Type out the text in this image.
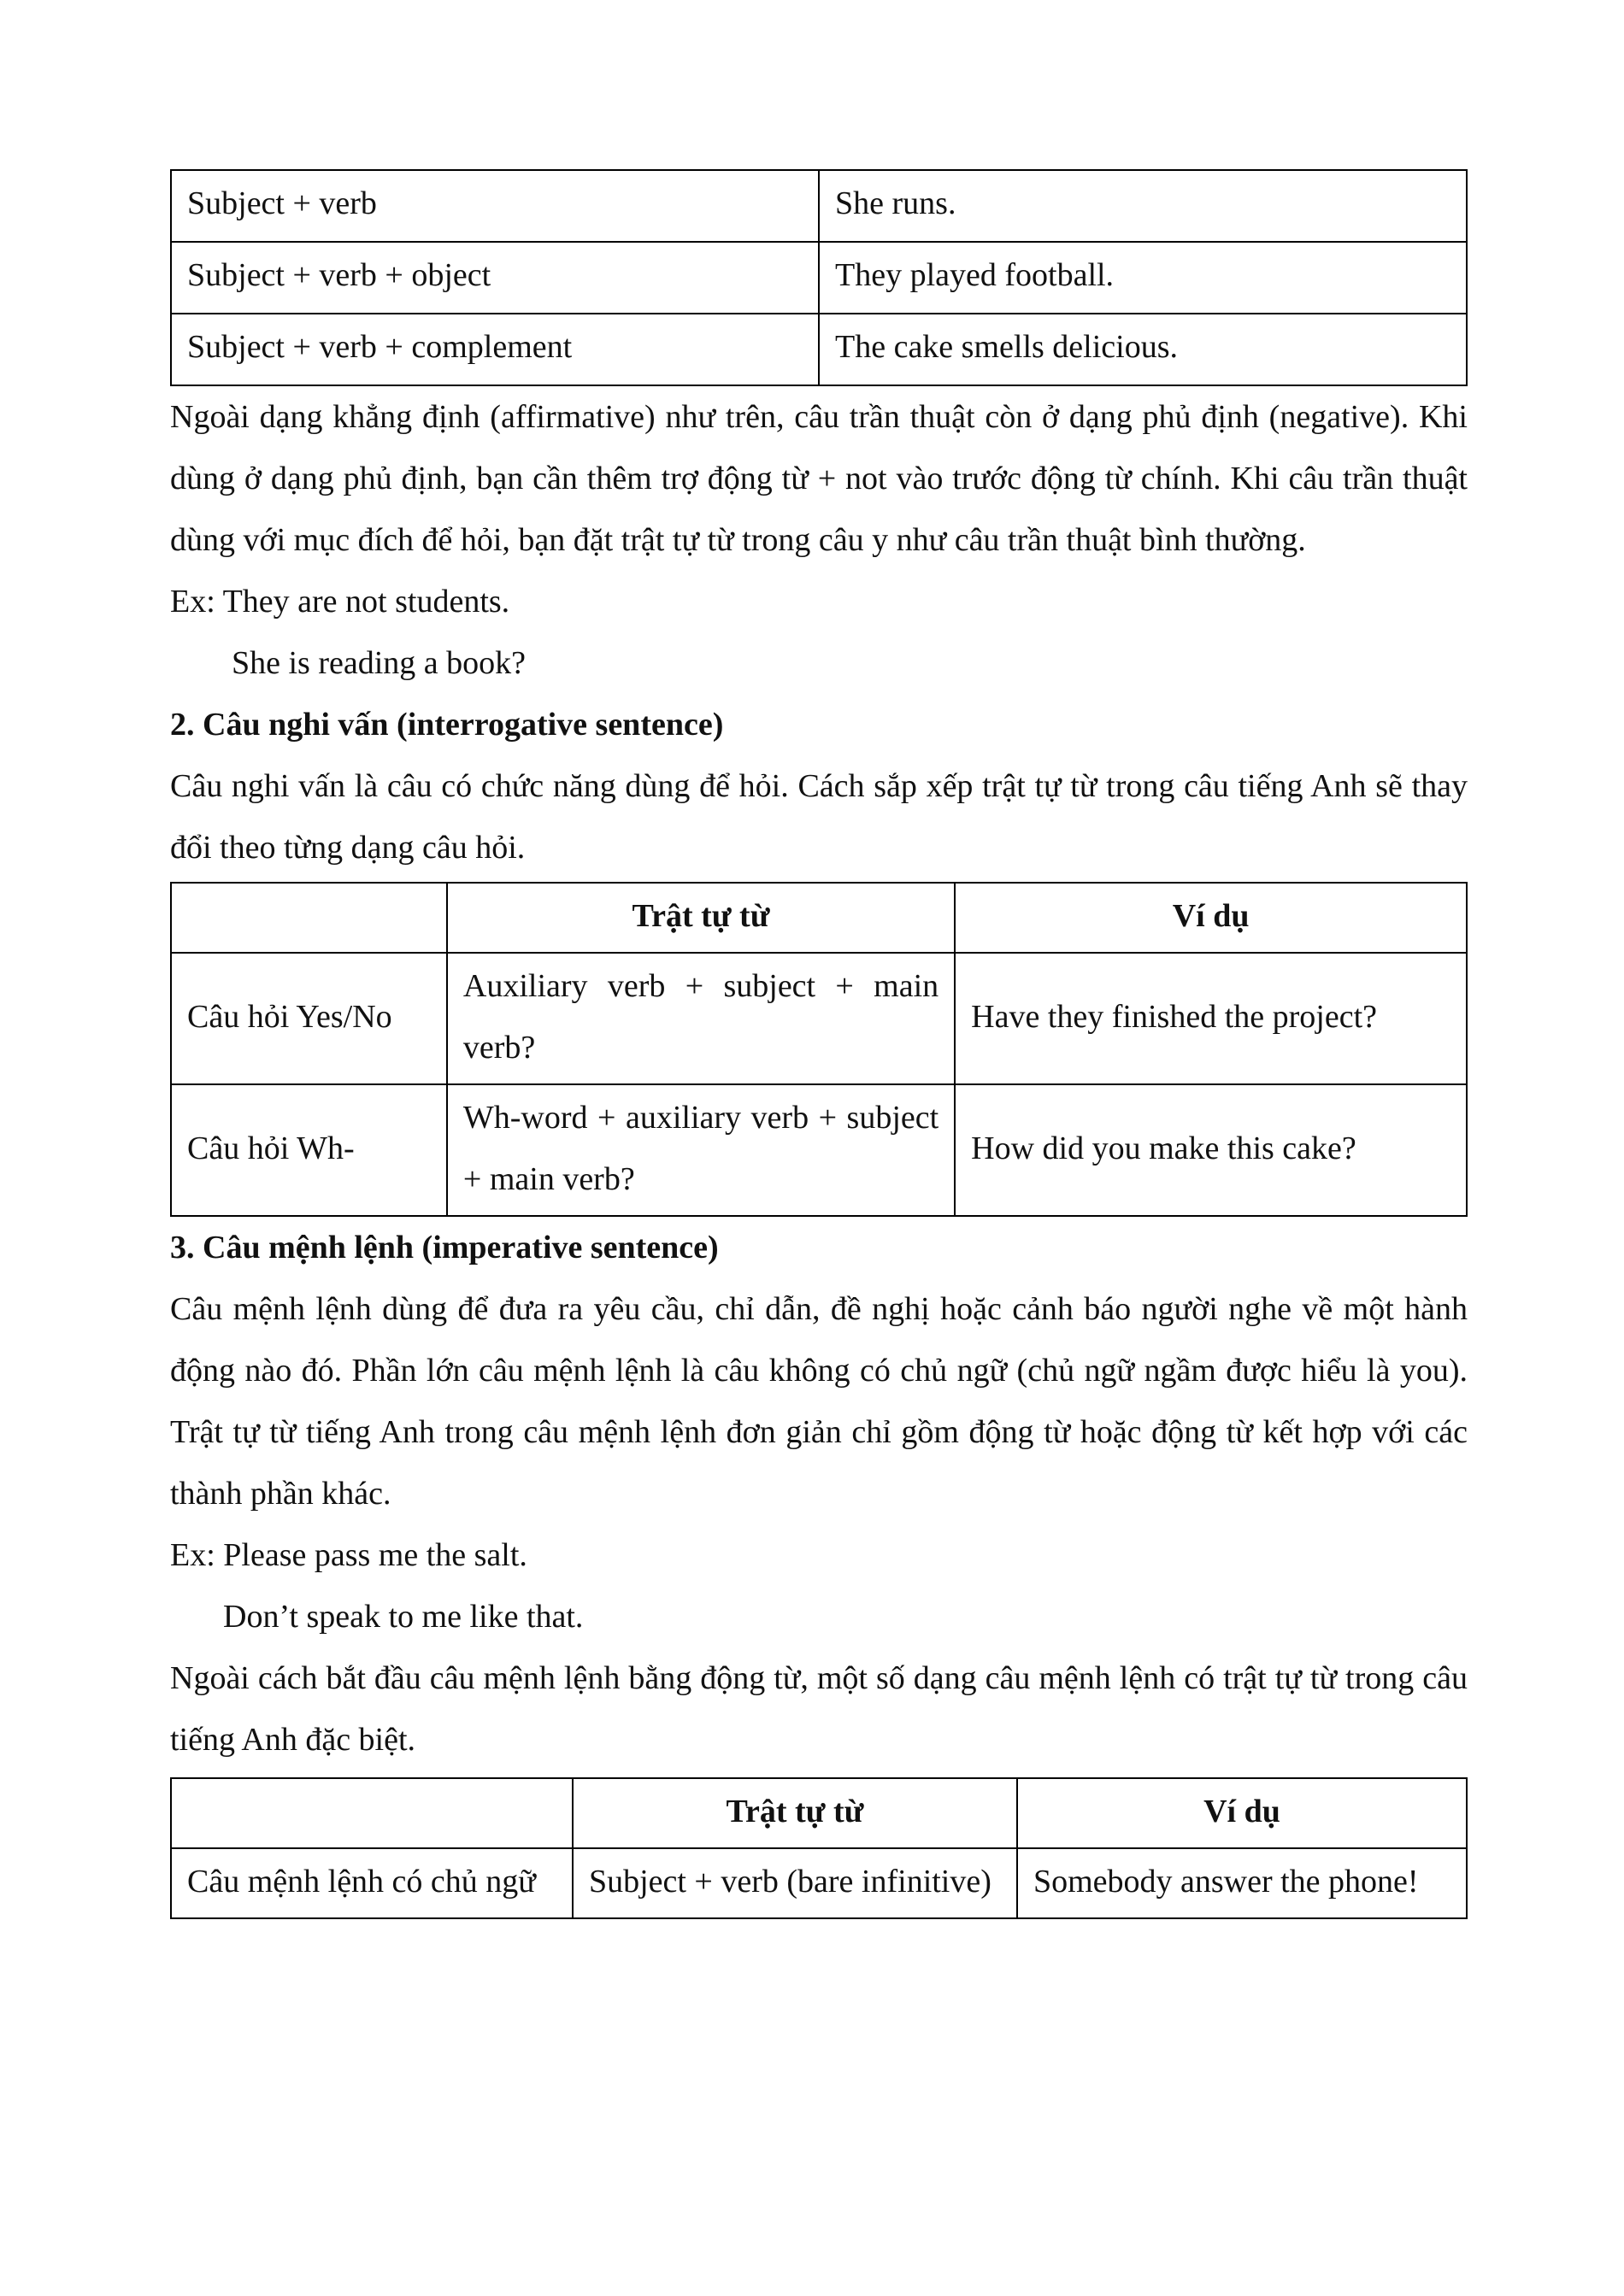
Subject + verb	She runs.
Subject + verb + object	They played football.
Subject + verb + complement	The cake smells delicious.

Ngoài dạng khẳng định (affirmative) như trên, câu trần thuật còn ở dạng phủ định (negative). Khi dùng ở dạng phủ định, bạn cần thêm trợ động từ + not vào trước động từ chính. Khi câu trần thuật dùng với mục đích để hỏi, bạn đặt trật tự từ trong câu y như câu trần thuật bình thường.

Ex: They are not students.

She is reading a book?

2. Câu nghi vấn (interrogative sentence)

Câu nghi vấn là câu có chức năng dùng để hỏi. Cách sắp xếp trật tự từ trong câu tiếng Anh sẽ thay đổi theo từng dạng câu hỏi.

	Trật tự từ	Ví dụ
Câu hỏi Yes/No	Auxiliary verb + subject + main verb?	Have they finished the project?
Câu hỏi Wh-	Wh-word + auxiliary verb + subject + main verb?	How did you make this cake?

3. Câu mệnh lệnh (imperative sentence)

Câu mệnh lệnh dùng để đưa ra yêu cầu, chỉ dẫn, đề nghị hoặc cảnh báo người nghe về một hành động nào đó. Phần lớn câu mệnh lệnh là câu không có chủ ngữ (chủ ngữ ngầm được hiểu là you). Trật tự từ tiếng Anh trong câu mệnh lệnh đơn giản chỉ gồm động từ hoặc động từ kết hợp với các thành phần khác.

Ex: Please pass me the salt.

Don’t speak to me like that.

Ngoài cách bắt đầu câu mệnh lệnh bằng động từ, một số dạng câu mệnh lệnh có trật tự từ trong câu tiếng Anh đặc biệt.

	Trật tự từ	Ví dụ
Câu mệnh lệnh có chủ ngữ	Subject + verb (bare infinitive)	Somebody answer the phone!
